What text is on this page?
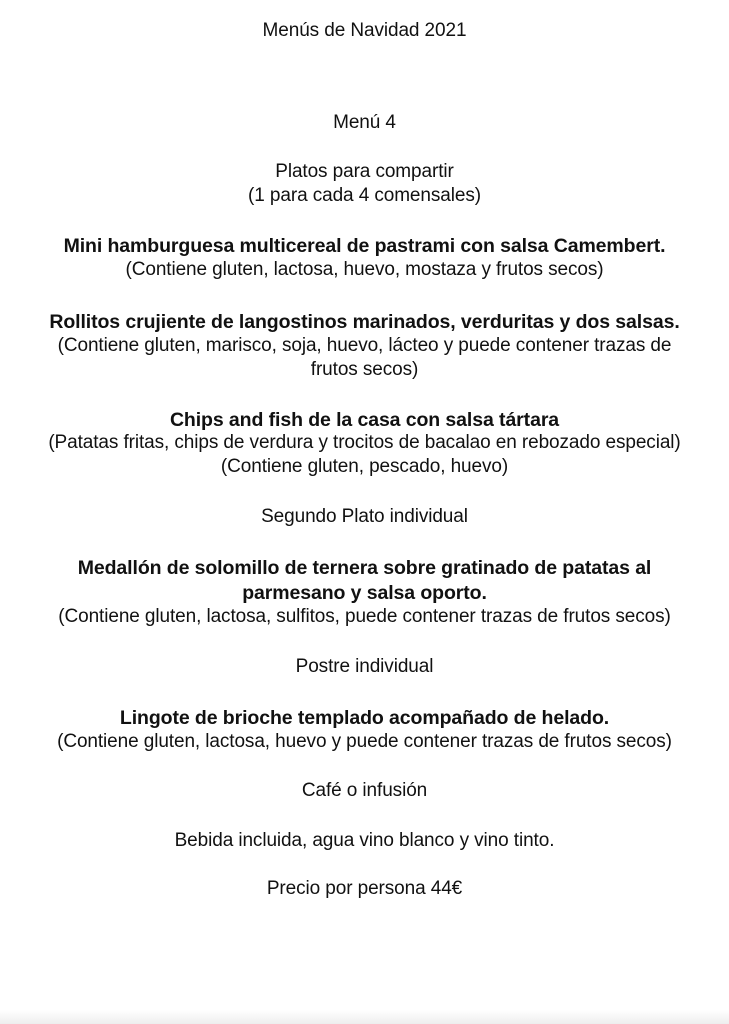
Menús de Navidad 2021
Menú 4
Platos para compartir
(1 para cada 4 comensales)
Mini hamburguesa multicereal de pastrami con salsa Camembert.
(Contiene gluten, lactosa, huevo, mostaza y frutos secos)
Rollitos crujiente de langostinos marinados, verduritas y dos salsas.
(Contiene gluten, marisco, soja, huevo, lácteo y puede contener trazas de
frutos secos)
Chips and fish de la casa con salsa tártara
(Patatas fritas, chips de verdura y trocitos de bacalao en rebozado especial)
(Contiene gluten, pescado, huevo)
Segundo Plato individual
Medallón de solomillo de ternera sobre gratinado de patatas al
parmesano y salsa oporto.
(Contiene gluten, lactosa, sulfitos, puede contener trazas de frutos secos)
Postre individual
Lingote de brioche templado acompañado de helado.
(Contiene gluten, lactosa, huevo y puede contener trazas de frutos secos)
Café o infusión
Bebida incluida, agua vino blanco y vino tinto.
Precio por persona 44€
